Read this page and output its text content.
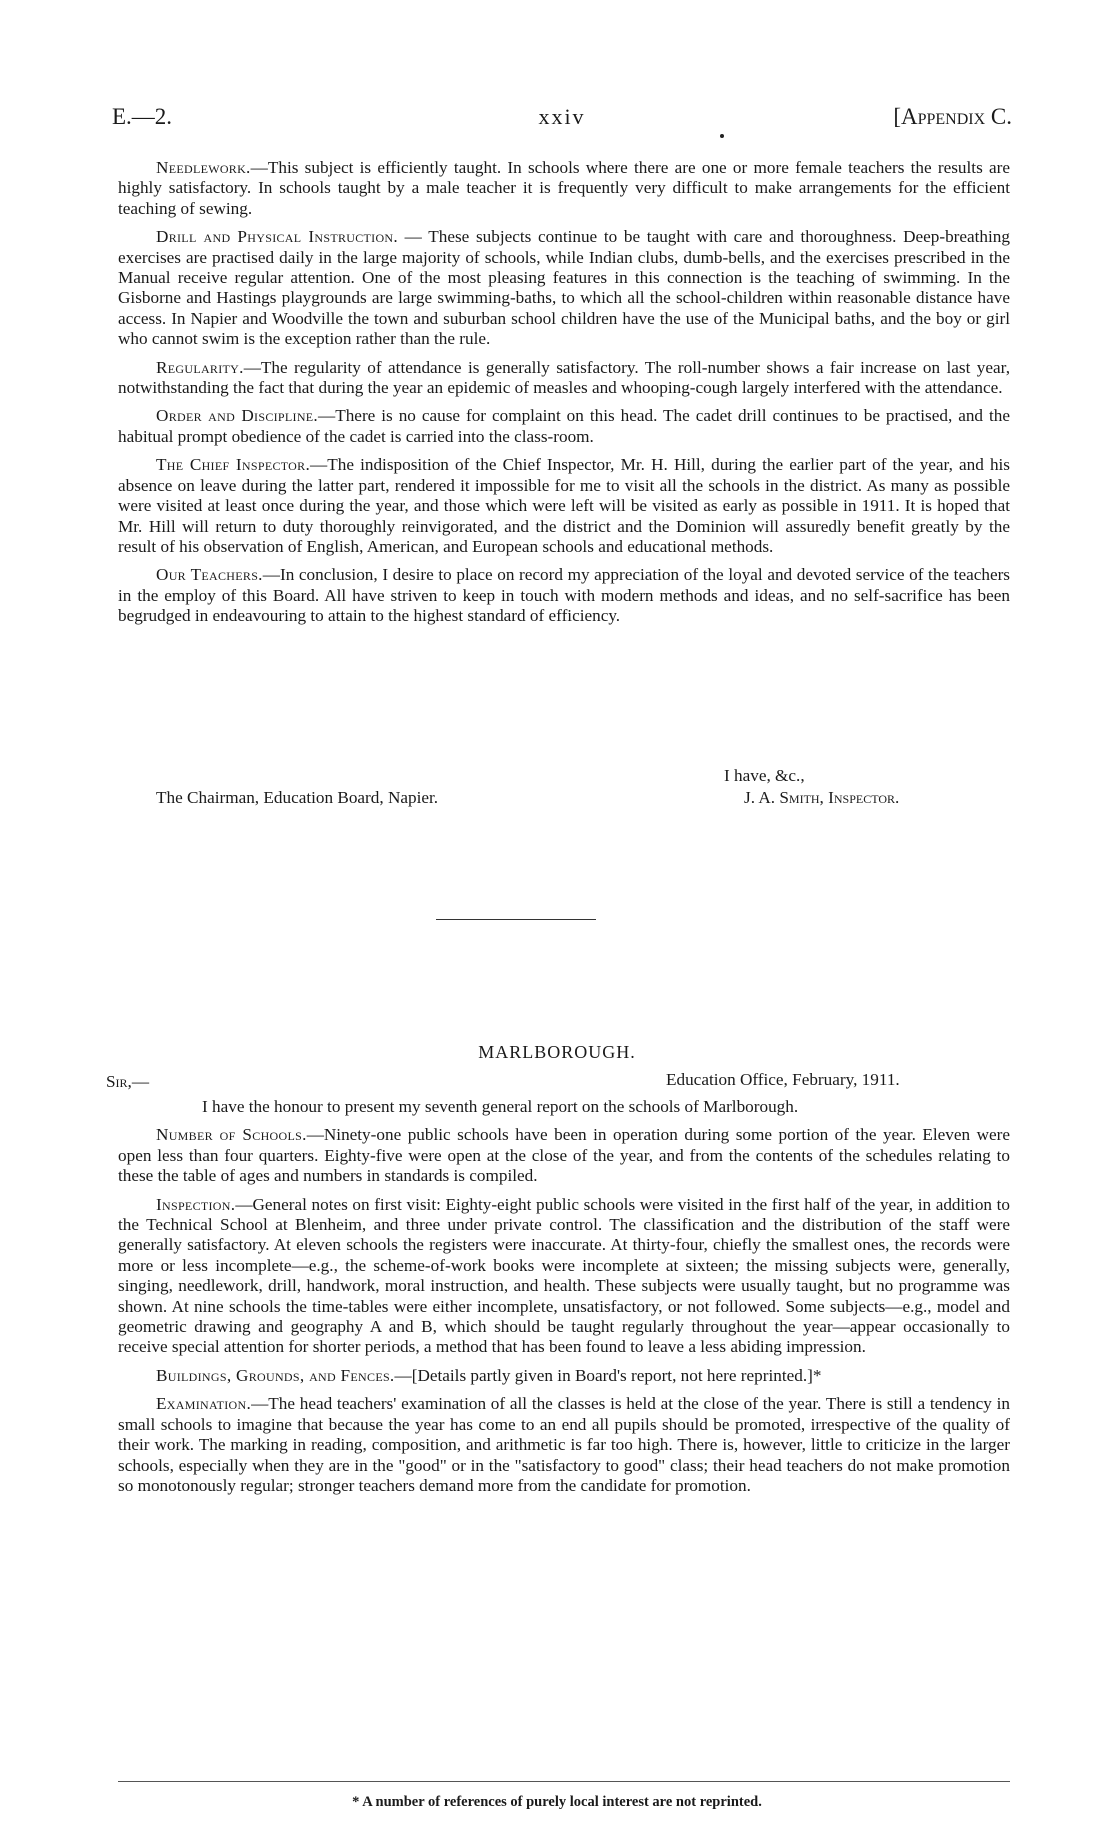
E.—2.	xxiv	[Appendix C.

Needlework.—This subject is efficiently taught. In schools where there are one or more female teachers the results are highly satisfactory. In schools taught by a male teacher it is frequently very difficult to make arrangements for the efficient teaching of sewing.

Drill and Physical Instruction. — These subjects continue to be taught with care and thoroughness. Deep-breathing exercises are practised daily in the large majority of schools, while Indian clubs, dumb-bells, and the exercises prescribed in the Manual receive regular attention. One of the most pleasing features in this connection is the teaching of swimming. In the Gisborne and Hastings playgrounds are large swimming-baths, to which all the school-children within reasonable distance have access. In Napier and Woodville the town and suburban school children have the use of the Municipal baths, and the boy or girl who cannot swim is the exception rather than the rule.

Regularity.—The regularity of attendance is generally satisfactory. The roll-number shows a fair increase on last year, notwithstanding the fact that during the year an epidemic of measles and whooping-cough largely interfered with the attendance.

Order and Discipline.—There is no cause for complaint on this head. The cadet drill continues to be practised, and the habitual prompt obedience of the cadet is carried into the class-room.

The Chief Inspector.—The indisposition of the Chief Inspector, Mr. H. Hill, during the earlier part of the year, and his absence on leave during the latter part, rendered it impossible for me to visit all the schools in the district. As many as possible were visited at least once during the year, and those which were left will be visited as early as possible in 1911. It is hoped that Mr. Hill will return to duty thoroughly reinvigorated, and the district and the Dominion will assuredly benefit greatly by the result of his observation of English, American, and European schools and educational methods.

Our Teachers.—In conclusion, I desire to place on record my appreciation of the loyal and devoted service of the teachers in the employ of this Board. All have striven to keep in touch with modern methods and ideas, and no self-sacrifice has been begrudged in endeavouring to attain to the highest standard of efficiency.

I have, &c.,
The Chairman, Education Board, Napier.	J. A. Smith, Inspector.
MARLBOROUGH.
Sir,—	Education Office, February, 1911.

I have the honour to present my seventh general report on the schools of Marlborough.

Number of Schools.—Ninety-one public schools have been in operation during some portion of the year. Eleven were open less than four quarters. Eighty-five were open at the close of the year, and from the contents of the schedules relating to these the table of ages and numbers in standards is compiled.

Inspection.—General notes on first visit: Eighty-eight public schools were visited in the first half of the year, in addition to the Technical School at Blenheim, and three under private control. The classification and the distribution of the staff were generally satisfactory. At eleven schools the registers were inaccurate. At thirty-four, chiefly the smallest ones, the records were more or less incomplete—e.g., the scheme-of-work books were incomplete at sixteen; the missing subjects were, generally, singing, needlework, drill, handwork, moral instruction, and health. These subjects were usually taught, but no programme was shown. At nine schools the time-tables were either incomplete, unsatisfactory, or not followed. Some subjects—e.g., model and geometric drawing and geography A and B, which should be taught regularly throughout the year—appear occasionally to receive special attention for shorter periods, a method that has been found to leave a less abiding impression.

Buildings, Grounds, and Fences.—[Details partly given in Board's report, not here reprinted.]*

Examination.—The head teachers' examination of all the classes is held at the close of the year. There is still a tendency in small schools to imagine that because the year has come to an end all pupils should be promoted, irrespective of the quality of their work. The marking in reading, composition, and arithmetic is far too high. There is, however, little to criticize in the larger schools, especially when they are in the "good" or in the "satisfactory to good" class; their head teachers do not make promotion so monotonously regular; stronger teachers demand more from the candidate for promotion.

* A number of references of purely local interest are not reprinted.
